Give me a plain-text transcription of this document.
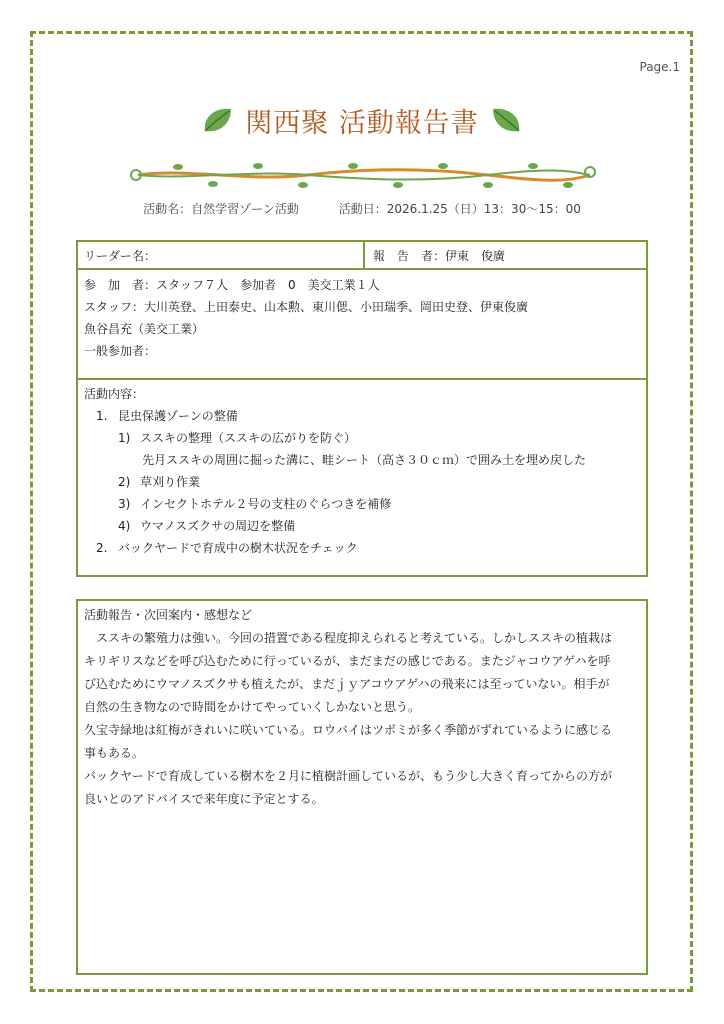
Page.1
関西聚 活動報告書
活動名：自然学習ゾーン活動	活動日：2026.1.25（日）13：30～15：00
リーダー名：	報　告　者：伊東　俊廣
参　加　者：スタッフ７人　参加者　0　美交工業１人
スタッフ：大川英登、上田泰史、山本勲、東川偲、小田瑞季、岡田史登、伊東俊廣
魚谷昌充（美交工業）
一般参加者：
活動内容：
1. 昆虫保護ゾーンの整備
1) ススキの整理（ススキの広がりを防ぐ）
先月ススキの周囲に掘った溝に、畦シート（高さ３０ｃｍ）で囲み土を埋め戻した
2) 草刈り作業
3) インセクトホテル２号の支柱のぐらつきを補修
4) ウマノスズクサの周辺を整備
2. バックヤードで育成中の樹木状況をチェック
活動報告・次回案内・感想など
　ススキの繁殖力は強い。今回の措置である程度抑えられると考えている。しかしススキの植栽は
キリギリスなどを呼び込むために行っているが、まだまだの感じである。またジャコウアゲハを呼
び込むためにウマノスズクサも植えたが、まだｊｙアコウアゲハの飛来には至っていない。相手が
自然の生き物なので時間をかけてやっていくしかないと思う。
久宝寺緑地は紅梅がきれいに咲いている。ロウバイはツボミが多く季節がずれているように感じる
事もある。
バックヤードで育成している樹木を２月に植樹計画しているが、もう少し大きく育ってからの方が
良いとのアドバイスで来年度に予定とする。
